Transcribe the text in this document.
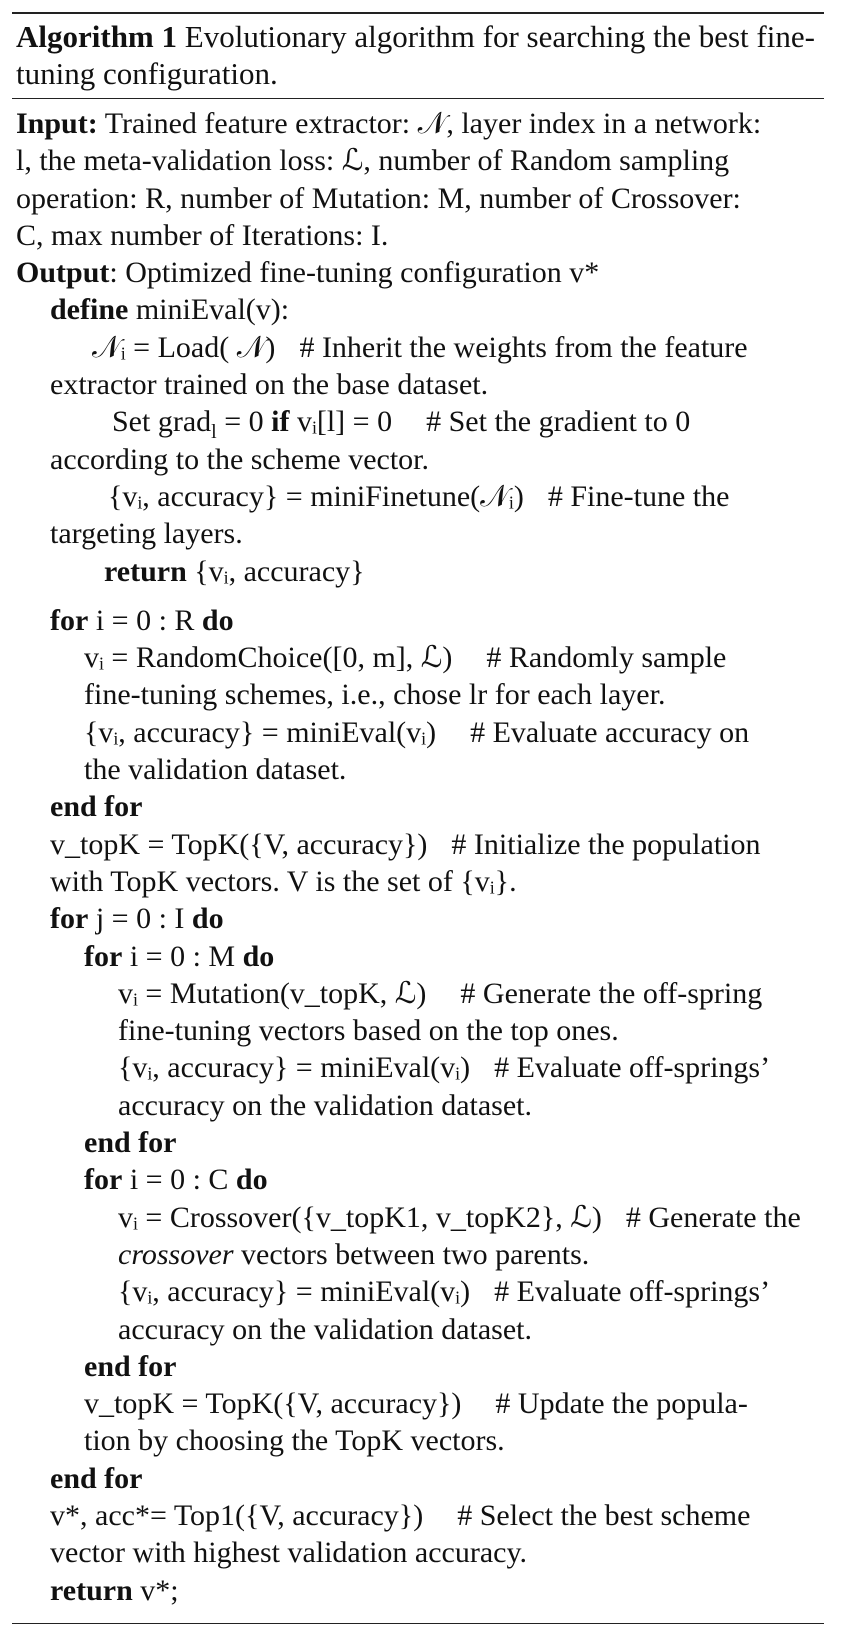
Algorithm 1 Evolutionary algorithm for searching the best fine-tuning configuration.
Input: Trained feature extractor: 𝒩, layer index in a network:
l, the meta-validation loss: ℒ, number of Random sampling
operation: R, number of Mutation: M, number of Crossover:
C, max number of Iterations: I.
Output: Optimized fine-tuning configuration v*
define miniEval(v):
𝒩ᵢ = Load( 𝒩) # Inherit the weights from the feature
extractor trained on the base dataset.
Set grad$_l$ = 0 if vᵢ[l] = 0 # Set the gradient to 0
according to the scheme vector.
{vᵢ, accuracy} = miniFinetune(𝒩ᵢ) # Fine-tune the
targeting layers.
return {vᵢ, accuracy}
for i = 0 : R do
vᵢ = RandomChoice([0, m], ℒ) # Randomly sample
fine-tuning schemes, i.e., chose lr for each layer.
{vᵢ, accuracy} = miniEval(vᵢ) # Evaluate accuracy on
the validation dataset.
end for
v_topK = TopK({V, accuracy}) # Initialize the population
with TopK vectors. V is the set of {vᵢ}.
for j = 0 : I do
for i = 0 : M do
vᵢ = Mutation(v_topK, ℒ) # Generate the off-spring
fine-tuning vectors based on the top ones.
{vᵢ, accuracy} = miniEval(vᵢ) # Evaluate off-springs’
accuracy on the validation dataset.
end for
for i = 0 : C do
vᵢ = Crossover({v_topK1, v_topK2}, ℒ) # Generate the
crossover vectors between two parents.
{vᵢ, accuracy} = miniEval(vᵢ) # Evaluate off-springs’
accuracy on the validation dataset.
end for
v_topK = TopK({V, accuracy}) # Update the popula-
tion by choosing the TopK vectors.
end for
v*, acc*= Top1({V, accuracy}) # Select the best scheme
vector with highest validation accuracy.
return v*;
